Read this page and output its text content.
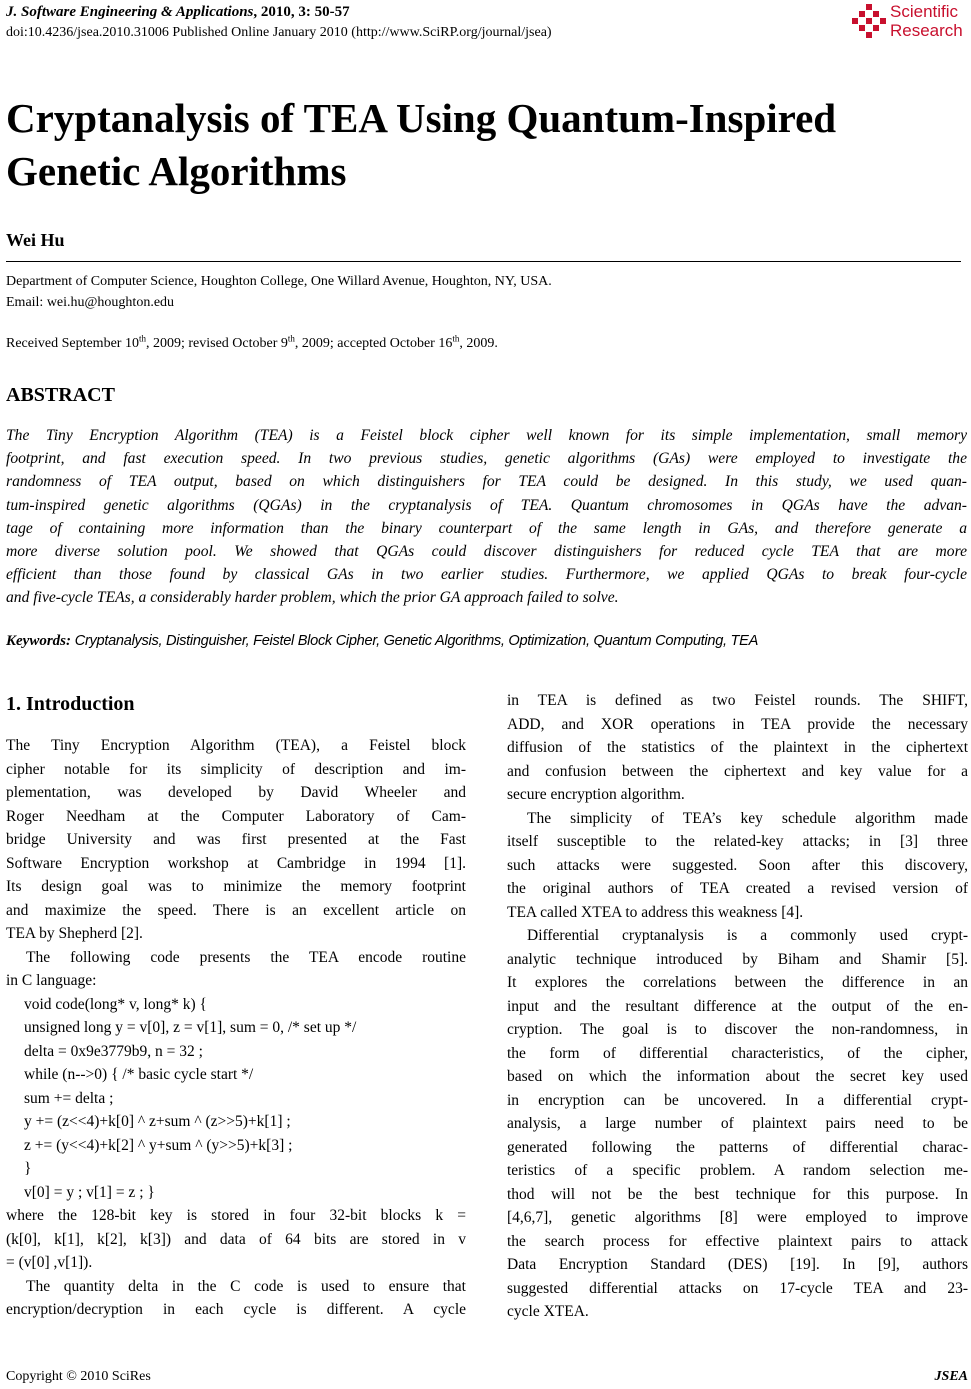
J. Software Engineering & Applications, 2010, 3: 50-57
doi:10.4236/jsea.2010.31006 Published Online January 2010 (http://www.SciRP.org/journal/jsea)
Scientific
Research
Cryptanalysis of TEA Using Quantum-Inspired
Genetic Algorithms
Wei Hu
Department of Computer Science, Houghton College, One Willard Avenue, Houghton, NY, USA.
Email: wei.hu@houghton.edu
Received September 10th, 2009; revised October 9th, 2009; accepted October 16th, 2009.
ABSTRACT
The Tiny Encryption Algorithm (TEA) is a Feistel block cipher well known for its simple implementation, small memory
footprint, and fast execution speed. In two previous studies, genetic algorithms (GAs) were employed to investigate the
randomness of TEA output, based on which distinguishers for TEA could be designed. In this study, we used quan-
tum-inspired genetic algorithms (QGAs) in the cryptanalysis of TEA. Quantum chromosomes in QGAs have the advan-
tage of containing more information than the binary counterpart of the same length in GAs, and therefore generate a
more diverse solution pool. We showed that QGAs could discover distinguishers for reduced cycle TEA that are more
efficient than those found by classical GAs in two earlier studies. Furthermore, we applied QGAs to break four-cycle
and five-cycle TEAs, a considerably harder problem, which the prior GA approach failed to solve.
Keywords: Cryptanalysis, Distinguisher, Feistel Block Cipher, Genetic Algorithms, Optimization, Quantum Computing, TEA
1. Introduction
The Tiny Encryption Algorithm (TEA), a Feistel block
cipher notable for its simplicity of description and im-
plementation, was developed by David Wheeler and
Roger Needham at the Computer Laboratory of Cam-
bridge University and was first presented at the Fast
Software Encryption workshop at Cambridge in 1994 [1].
Its design goal was to minimize the memory footprint
and maximize the speed. There is an excellent article on
TEA by Shepherd [2].
The following code presents the TEA encode routine
in C language:
void code(long* v, long* k) {
unsigned long y = v[0], z = v[1], sum = 0, /* set up */
delta = 0x9e3779b9, n = 32 ;
while (n-->0) { /* basic cycle start */
sum += delta ;
y += (z<<4)+k[0] ^ z+sum ^ (z>>5)+k[1] ;
z += (y<<4)+k[2] ^ y+sum ^ (y>>5)+k[3] ;
}
v[0] = y ; v[1] = z ; }
where the 128-bit key is stored in four 32-bit blocks k =
(k[0], k[1], k[2], k[3]) and data of 64 bits are stored in v
= (v[0] ,v[1]).
The quantity delta in the C code is used to ensure that
encryption/decryption in each cycle is different. A cycle
in TEA is defined as two Feistel rounds. The SHIFT,
ADD, and XOR operations in TEA provide the necessary
diffusion of the statistics of the plaintext in the ciphertext
and confusion between the ciphertext and key value for a
secure encryption algorithm.
The simplicity of TEA’s key schedule algorithm made
itself susceptible to the related-key attacks; in [3] three
such attacks were suggested. Soon after this discovery,
the original authors of TEA created a revised version of
TEA called XTEA to address this weakness [4].
Differential cryptanalysis is a commonly used crypt-
analytic technique introduced by Biham and Shamir [5].
It explores the correlations between the difference in an
input and the resultant difference at the output of the en-
cryption. The goal is to discover the non-randomness, in
the form of differential characteristics, of the cipher,
based on which the information about the secret key used
in encryption can be uncovered. In a differential crypt-
analysis, a large number of plaintext pairs need to be
generated following the patterns of differential charac-
teristics of a specific problem. A random selection me-
thod will not be the best technique for this purpose. In
[4,6,7], genetic algorithms [8] were employed to improve
the search process for effective plaintext pairs to attack
Data Encryption Standard (DES) [19]. In [9], authors
suggested differential attacks on 17-cycle TEA and 23-
cycle XTEA.
Copyright © 2010 SciRes	JSEA
